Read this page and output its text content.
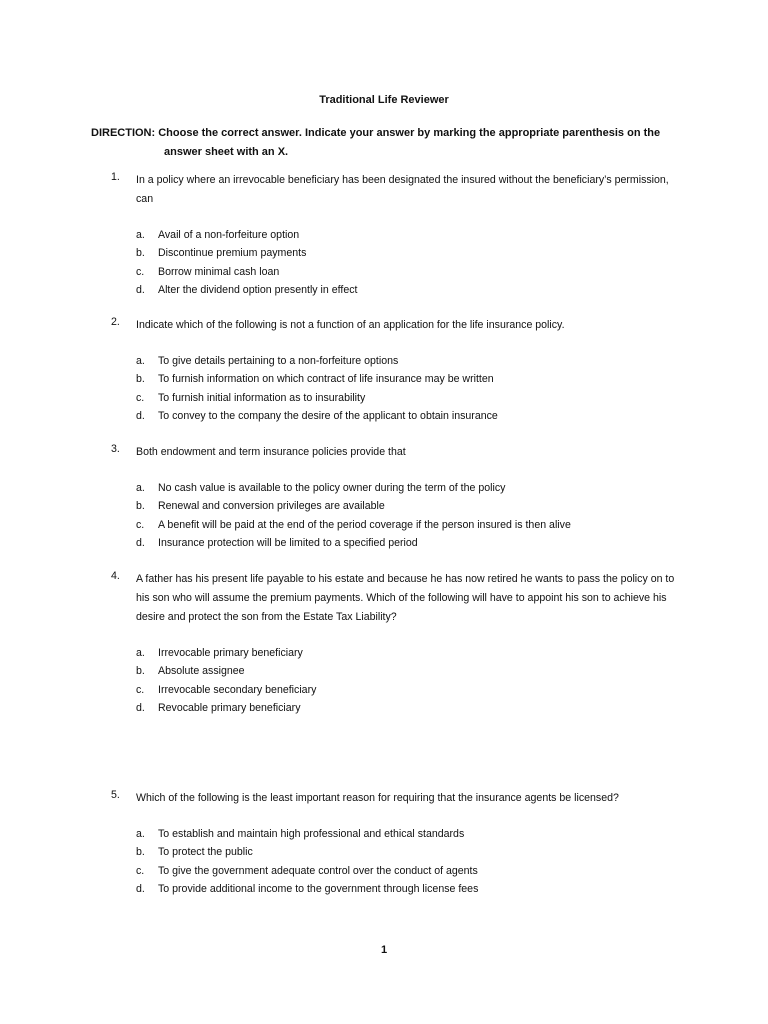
Traditional Life Reviewer
DIRECTION: Choose the correct answer. Indicate your answer by marking the appropriate parenthesis on the
answer sheet with an X.
1. In a policy where an irrevocable beneficiary has been designated the insured without the beneficiary’s permission, can
a. Avail of a non-forfeiture option
b. Discontinue premium payments
c. Borrow minimal cash loan
d. Alter the dividend option presently in effect
2. Indicate which of the following is not a function of an application for the life insurance policy.
a. To give details pertaining to a non-forfeiture options
b. To furnish information on which contract of life insurance may be written
c. To furnish initial information as to insurability
d. To convey to the company the desire of the applicant to obtain insurance
3. Both endowment and term insurance policies provide that
a. No cash value is available to the policy owner during the term of the policy
b. Renewal and conversion privileges are available
c. A benefit will be paid at the end of the period coverage if the person insured is then alive
d. Insurance protection will be limited to a specified period
4. A father has his present life payable to his estate and because he has now retired he wants to pass the policy on to his son who will assume the premium payments. Which of the following will have to appoint his son to achieve his desire and protect the son from the Estate Tax Liability?
a. Irrevocable primary beneficiary
b. Absolute assignee
c. Irrevocable secondary beneficiary
d. Revocable primary beneficiary
5. Which of the following is the least important reason for requiring that the insurance agents be licensed?
a. To establish and maintain high professional and ethical standards
b. To protect the public
c. To give the government adequate control over the conduct of agents
d. To provide additional income to the government through license fees
1
